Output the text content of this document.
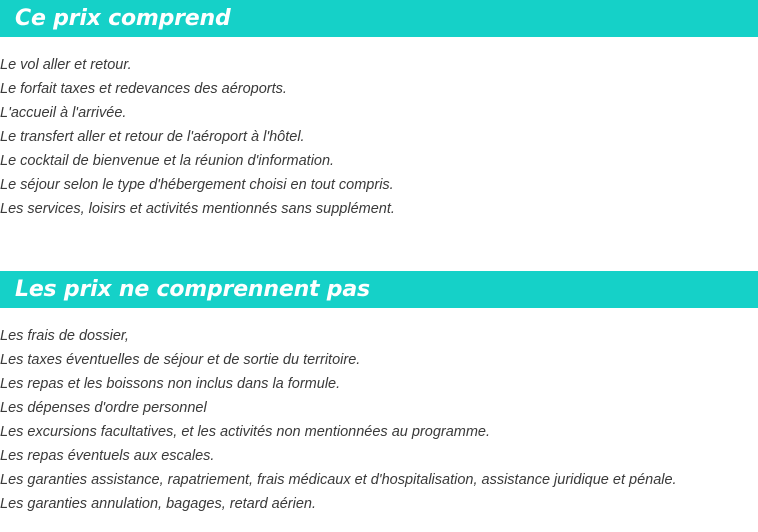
Ce prix comprend
Le vol aller et retour.
Le forfait taxes et redevances des aéroports.
L'accueil à l'arrivée.
Le transfert aller et retour de l'aéroport à l'hôtel.
Le cocktail de bienvenue et la réunion d'information.
Le séjour selon le type d'hébergement choisi en tout compris.
Les services, loisirs et activités mentionnés sans supplément.
Les prix ne comprennent pas
Les frais de dossier,
Les taxes éventuelles de séjour et de sortie du territoire.
Les repas et les boissons non inclus dans la formule.
Les dépenses d'ordre personnel
Les excursions facultatives, et les activités non mentionnées au programme.
Les repas éventuels aux escales.
Les garanties assistance, rapatriement, frais médicaux et d'hospitalisation, assistance juridique et pénale.
Les garanties annulation, bagages, retard aérien.
